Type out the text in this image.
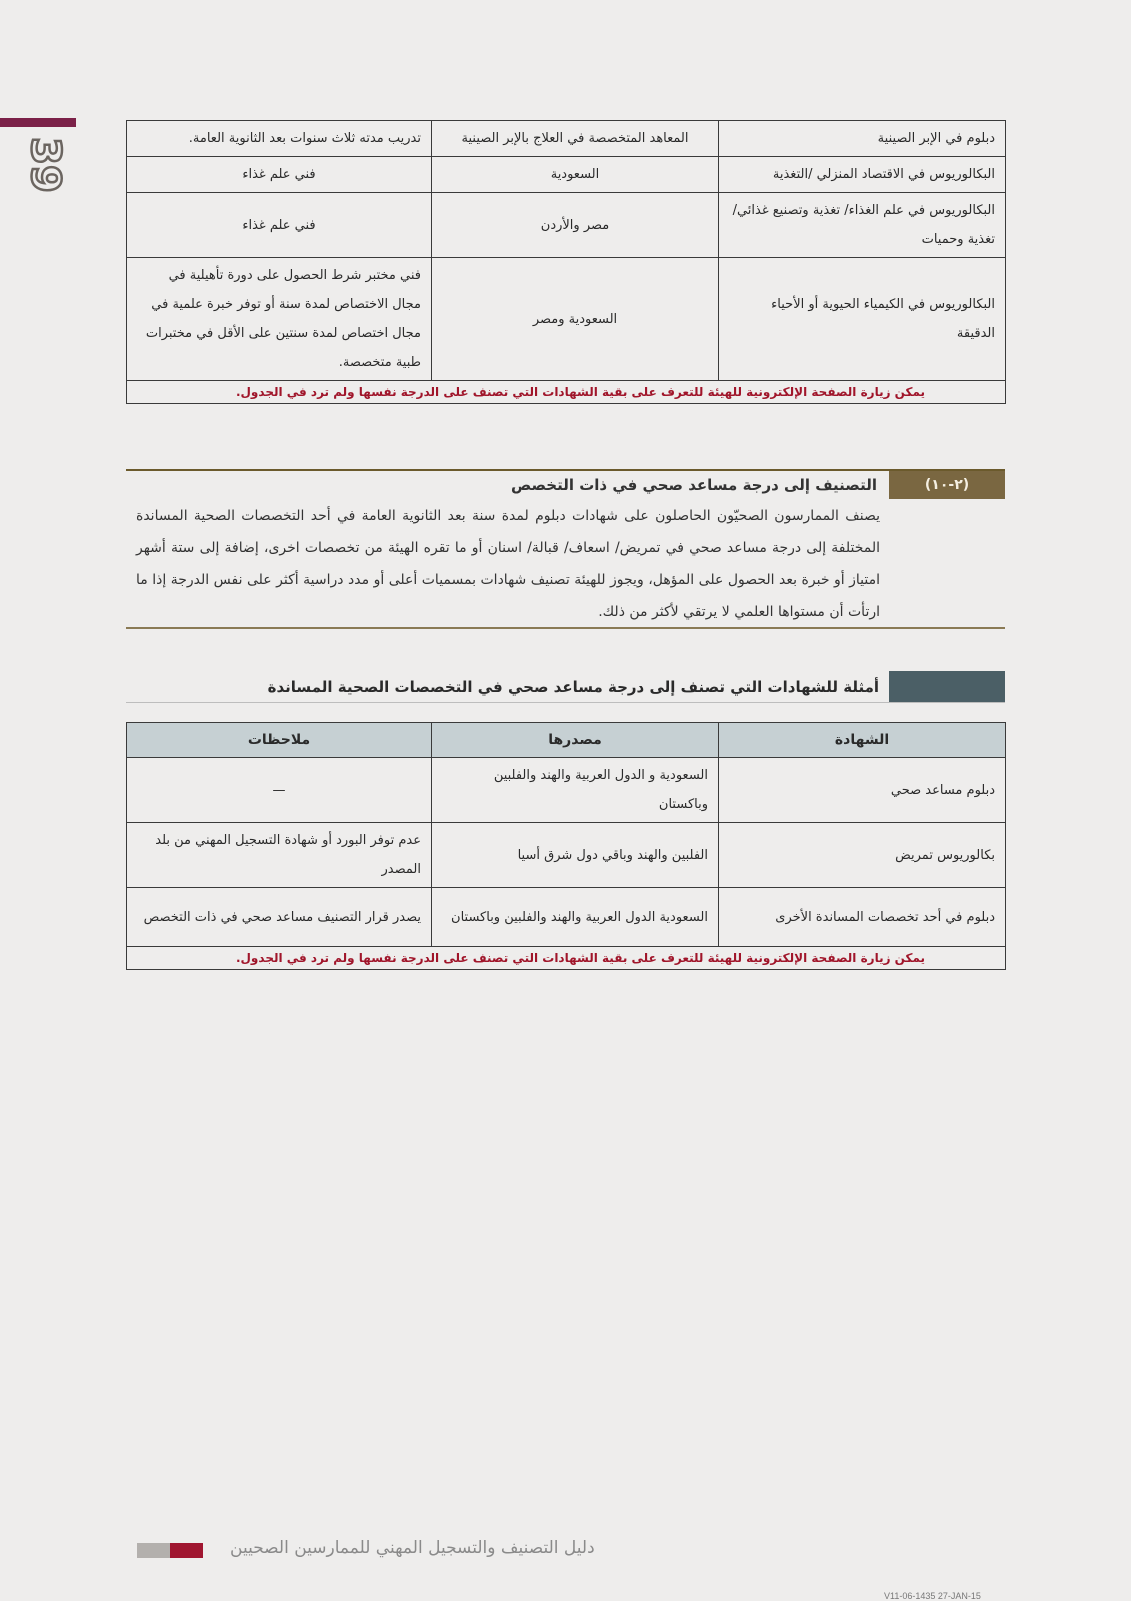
39	دبلوم في الإبر الصينية	المعاهد المتخصصة في العلاج بالإبر الصينية	تدريب مدته ثلاث سنوات بعد الثانوية العامة.
البكالوريوس في الاقتصاد المنزلي /التغذية	السعودية	فني علم غذاء
البكالوريوس في علم الغذاء/ تغذية وتصنيع غذائي/ تغذية وحميات	مصر والأردن	فني علم غذاء
البكالوريوس في الكيمياء الحيوية أو الأحياء الدقيقة	السعودية ومصر	فني مختبر شرط الحصول على دورة تأهيلية في مجال الاختصاص لمدة سنة أو توفر خبرة علمية في مجال اختصاص لمدة سنتين على الأقل في مختبرات طبية متخصصة.
يمكن زيارة الصفحة الإلكترونية للهيئة للتعرف على بقية الشهادات التي تصنف على الدرجة نفسها ولم ترد في الجدول.		
(٢-١٠)
التصنيف إلى درجة مساعد صحي في ذات التخصص
يصنف الممارسون الصحيّون الحاصلون على شهادات دبلوم لمدة سنة بعد الثانوية العامة في أحد التخصصات الصحية المساندة المختلفة إلى درجة مساعد صحي في تمريض/ اسعاف/ قبالة/ اسنان أو ما تقره الهيئة من تخصصات اخرى، إضافة إلى ستة أشهر امتياز أو خبرة بعد الحصول على المؤهل، ويجوز للهيئة تصنيف شهادات بمسميات أعلى أو مدد دراسية أكثر على نفس الدرجة إذا ما ارتأت أن مستواها العلمي لا يرتقي لأكثر من ذلك.
أمثلة للشهادات التي تصنف إلى درجة مساعد صحي في التخصصات الصحية المساندة
الشهادة	مصدرها	ملاحظات
دبلوم مساعد صحي	السعودية و الدول العربية والهند والفلبين وباكستان	—
بكالوريوس تمريض	الفلبين والهند وباقي دول شرق أسيا	عدم توفر البورد أو شهادة التسجيل المهني من بلد المصدر
دبلوم في أحد تخصصات المساندة الأخرى	السعودية الدول العربية والهند والفلبين وباكستان	يصدر قرار التصنيف مساعد صحي في ذات التخصص
يمكن زيارة الصفحة الإلكترونية للهيئة للتعرف على بقية الشهادات التي تصنف على الدرجة نفسها ولم ترد في الجدول.		
دليل التصنيف والتسجيل المهني للممارسين الصحيين
V11-06-1435 27-JAN-15
